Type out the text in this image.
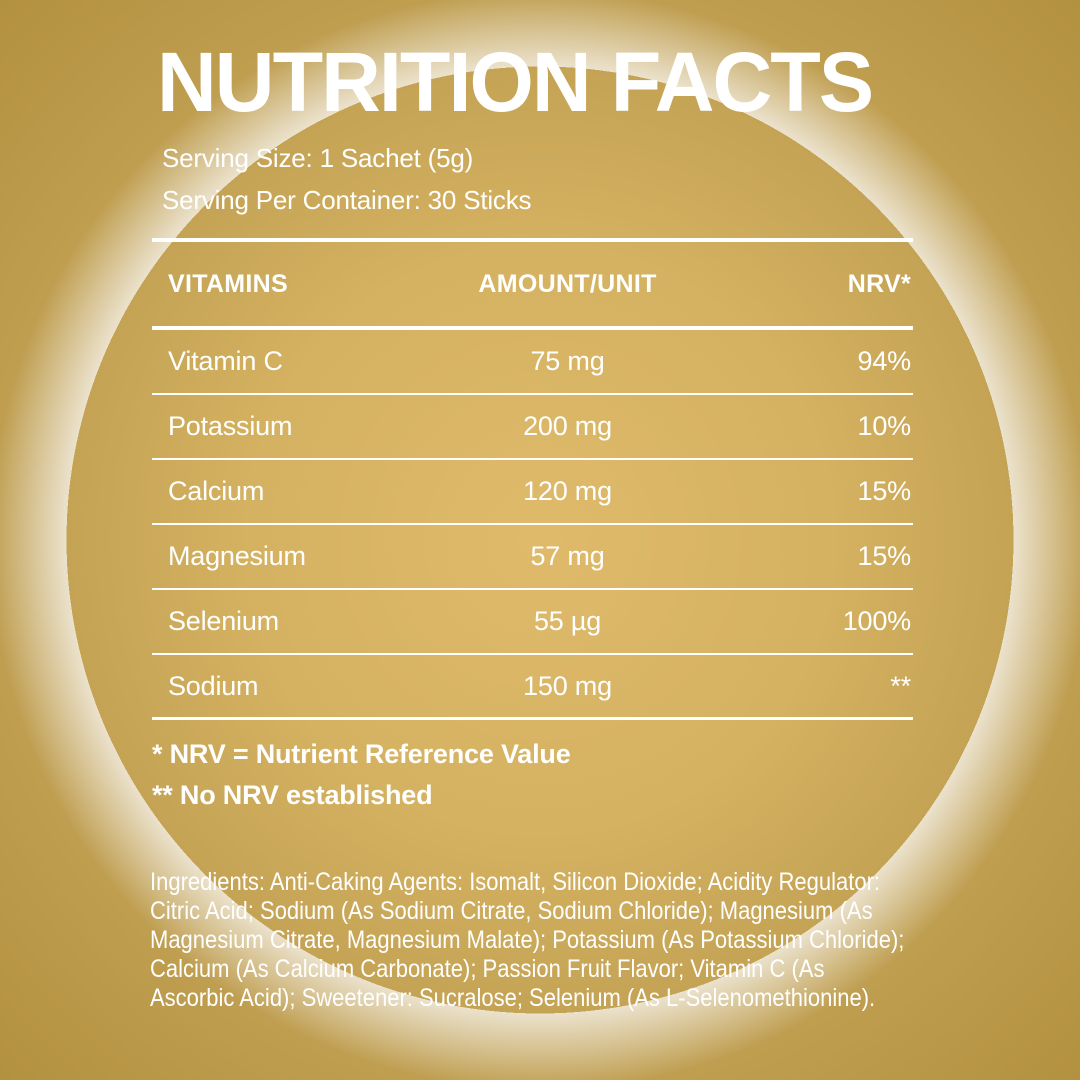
NUTRITION FACTS
Serving Size: 1 Sachet (5g)
Serving Per Container: 30 Sticks
VITAMINS	AMOUNT/UNIT	NRV*
Vitamin C	75 mg	94%
Potassium	200 mg	10%
Calcium	120 mg	15%
Magnesium	57 mg	15%
Selenium	55 µg	100%
Sodium	150 mg	**
* NRV = Nutrient Reference Value
** No NRV established
Ingredients: Anti-Caking Agents: Isomalt, Silicon Dioxide; Acidity Regulator:
Citric Acid; Sodium (As Sodium Citrate, Sodium Chloride); Magnesium (As
Magnesium Citrate, Magnesium Malate); Potassium (As Potassium Chloride);
Calcium (As Calcium Carbonate); Passion Fruit Flavor; Vitamin C (As
Ascorbic Acid); Sweetener: Sucralose; Selenium (As L-Selenomethionine).
